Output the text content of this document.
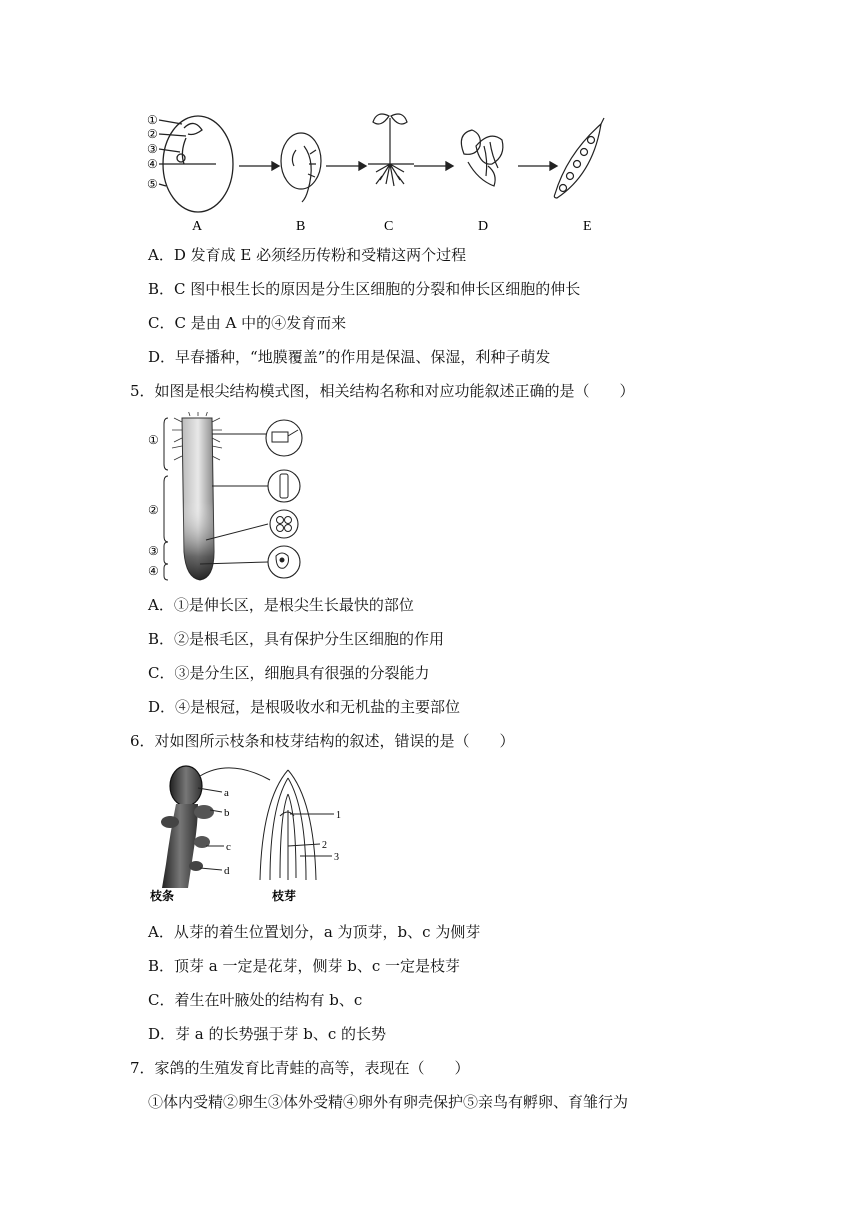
①
②
③
④
⑤
A	B	C	D	E
A．D 发育成 E 必须经历传粉和受精这两个过程
B．C 图中根生长的原因是分生区细胞的分裂和伸长区细胞的伸长
C．C 是由 A 中的④发育而来
D．早春播种，“地膜覆盖”的作用是保温、保湿，利种子萌发
5．如图是根尖结构模式图，相关结构名称和对应功能叙述正确的是（　　）
①
②
③
④
A．①是伸长区，是根尖生长最快的部位
B．②是根毛区，具有保护分生区细胞的作用
C．③是分生区，细胞具有很强的分裂能力
D．④是根冠，是根吸收水和无机盐的主要部位
6．对如图所示枝条和枝芽结构的叙述，错误的是（　　）
a
b
c
d
枝条
1
2
3
枝芽
A．从芽的着生位置划分，a 为顶芽，b、c 为侧芽
B．顶芽 a 一定是花芽，侧芽 b、c 一定是枝芽
C．着生在叶腋处的结构有 b、c
D．芽 a 的长势强于芽 b、c 的长势
7．家鸽的生殖发育比青蛙的高等，表现在（　　）
①体内受精②卵生③体外受精④卵外有卵壳保护⑤亲鸟有孵卵、育雏行为
